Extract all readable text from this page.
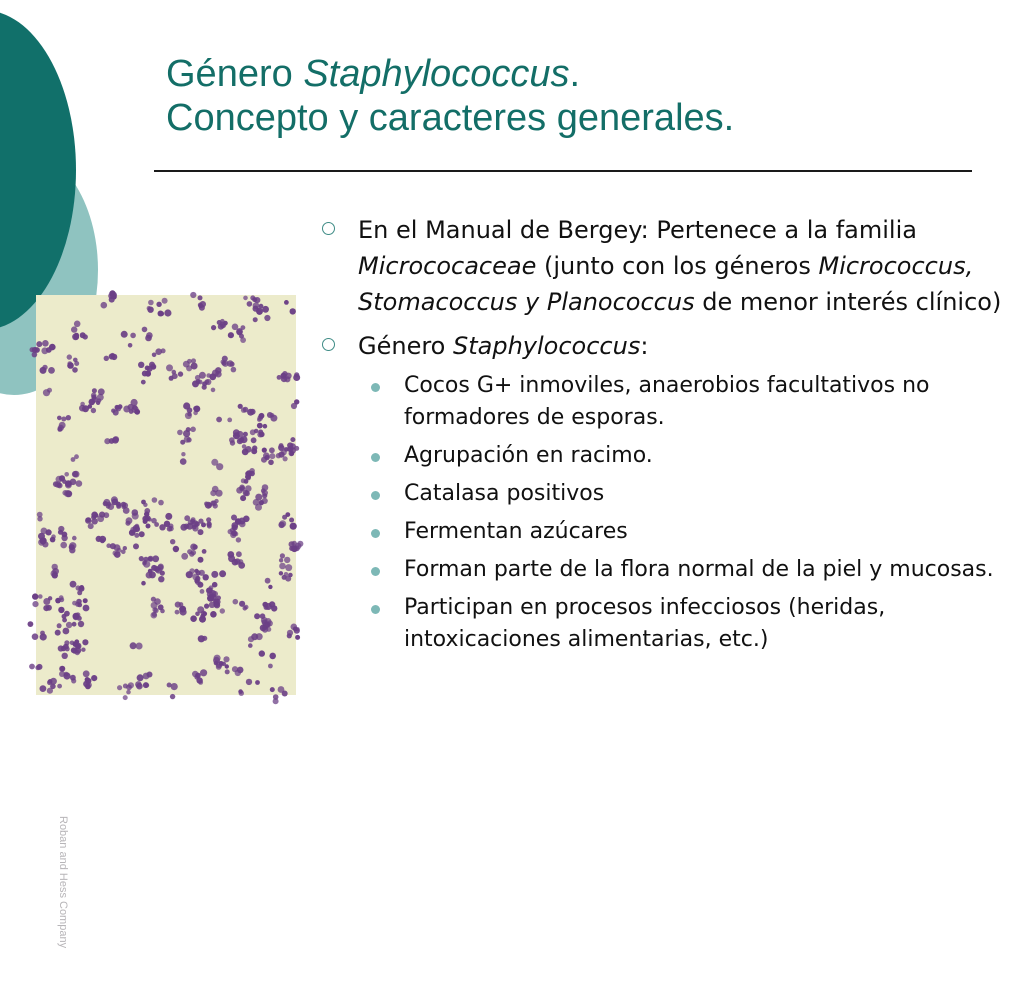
Género Staphylococcus.
Concepto y caracteres generales.
Roban and Hess Company
En el Manual de Bergey: Pertenece a la familia Micrococaceae (junto con los géneros Micrococcus, Stomacoccus y Planococcus de menor interés clínico)
Género Staphylococcus:
Cocos G+ inmoviles, anaerobios facultativos no formadores de esporas.
Agrupación en racimo.
Catalasa positivos
Fermentan azúcares
Forman parte de la flora normal de la piel y mucosas.
Participan en procesos infecciosos (heridas, intoxicaciones alimentarias, etc.)
